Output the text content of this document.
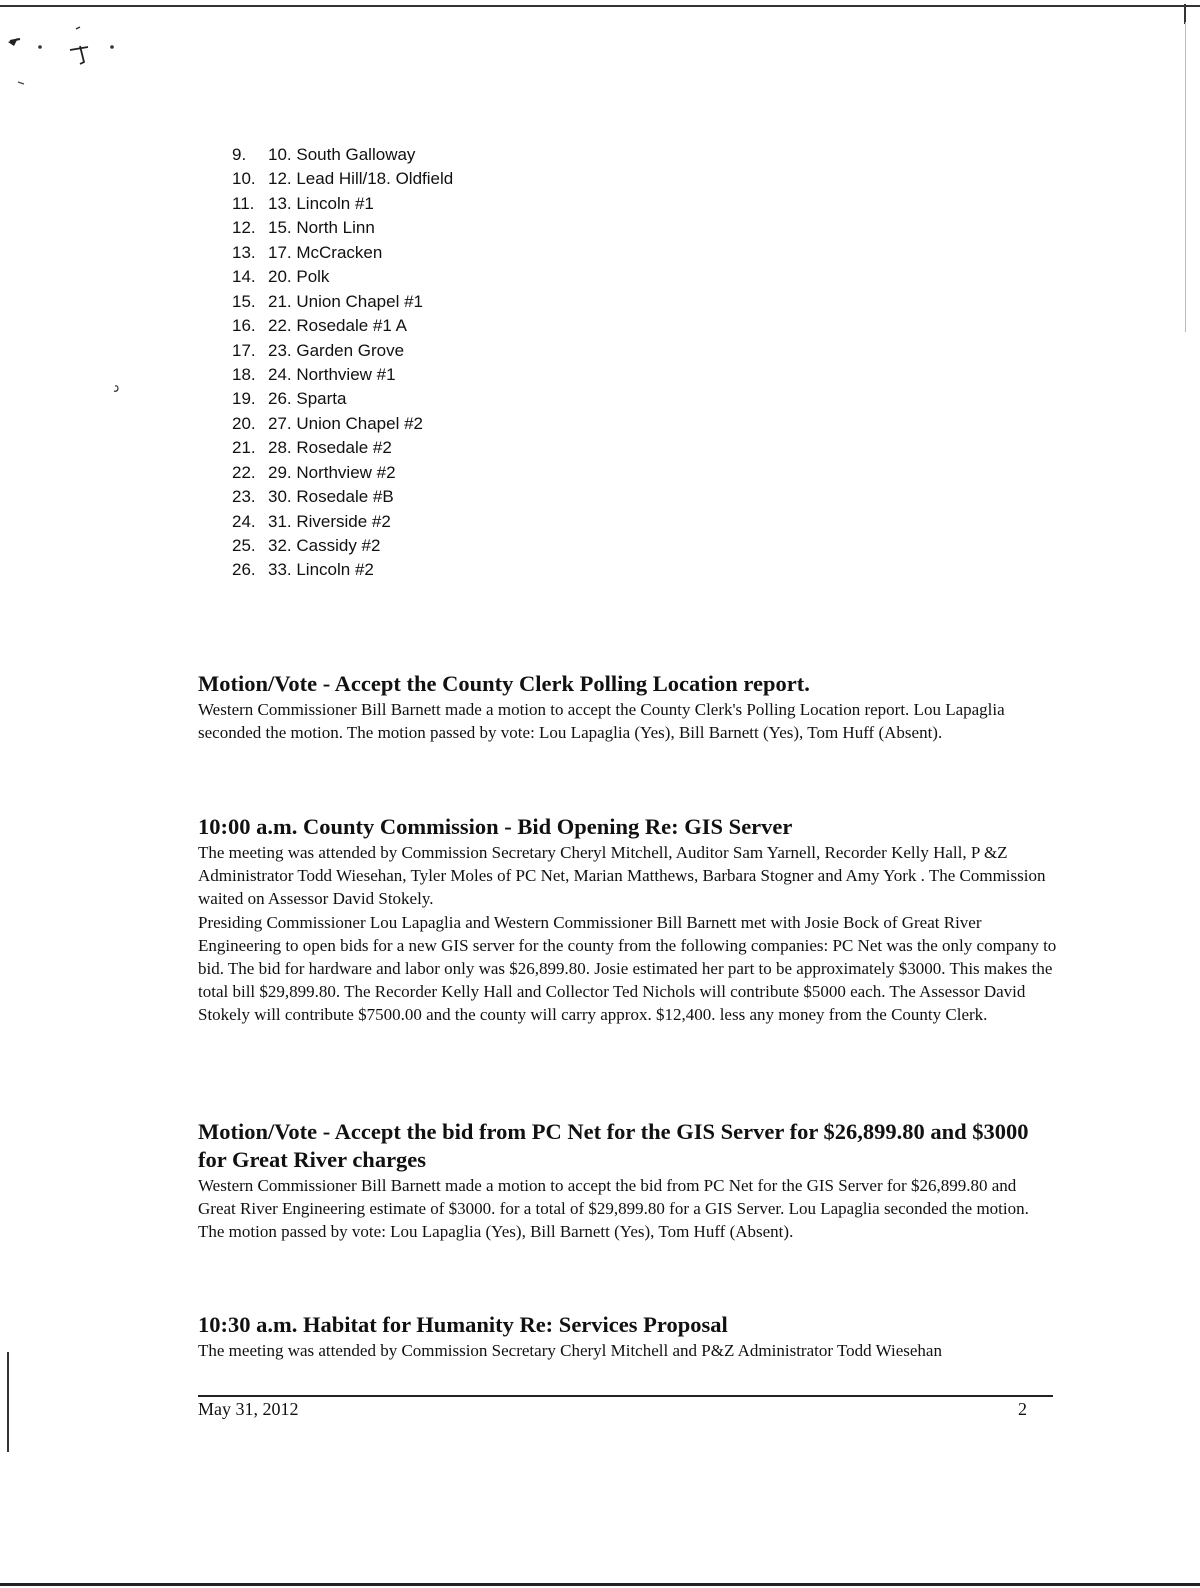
9. 10. South Galloway
10. 12. Lead Hill/18. Oldfield
11. 13. Lincoln #1
12. 15. North Linn
13. 17. McCracken
14. 20. Polk
15. 21. Union Chapel #1
16. 22. Rosedale #1 A
17. 23. Garden Grove
18. 24. Northview #1
19. 26. Sparta
20. 27. Union Chapel #2
21. 28. Rosedale #2
22. 29. Northview #2
23. 30. Rosedale #B
24. 31. Riverside #2
25. 32. Cassidy #2
26. 33. Lincoln #2
Motion/Vote - Accept the County Clerk Polling Location report.

Western Commissioner Bill Barnett made a motion to accept the County Clerk's Polling Location report. Lou Lapaglia seconded the motion. The motion passed by vote: Lou Lapaglia (Yes), Bill Barnett (Yes), Tom Huff (Absent).

10:00 a.m. County Commission - Bid Opening Re: GIS Server

The meeting was attended by Commission Secretary Cheryl Mitchell, Auditor Sam Yarnell, Recorder Kelly Hall, P &Z Administrator Todd Wiesehan, Tyler Moles of PC Net, Marian Matthews, Barbara Stogner and Amy York . The Commission waited on Assessor David Stokely.

Presiding Commissioner Lou Lapaglia and Western Commissioner Bill Barnett met with Josie Bock of Great River Engineering to open bids for a new GIS server for the county from the following companies: PC Net was the only company to bid. The bid for hardware and labor only was $26,899.80. Josie estimated her part to be approximately $3000. This makes the total bill $29,899.80. The Recorder Kelly Hall and Collector Ted Nichols will contribute $5000 each. The Assessor David Stokely will contribute $7500.00 and the county will carry approx. $12,400. less any money from the County Clerk.

Motion/Vote - Accept the bid from PC Net for the GIS Server for $26,899.80 and $3000 for Great River charges

Western Commissioner Bill Barnett made a motion to accept the bid from PC Net for the GIS Server for $26,899.80 and Great River Engineering estimate of $3000. for a total of $29,899.80 for a GIS Server. Lou Lapaglia seconded the motion. The motion passed by vote: Lou Lapaglia (Yes), Bill Barnett (Yes), Tom Huff (Absent).

10:30 a.m. Habitat for Humanity Re: Services Proposal

The meeting was attended by Commission Secretary Cheryl Mitchell and P&Z Administrator Todd Wiesehan

May 31, 2012	2
